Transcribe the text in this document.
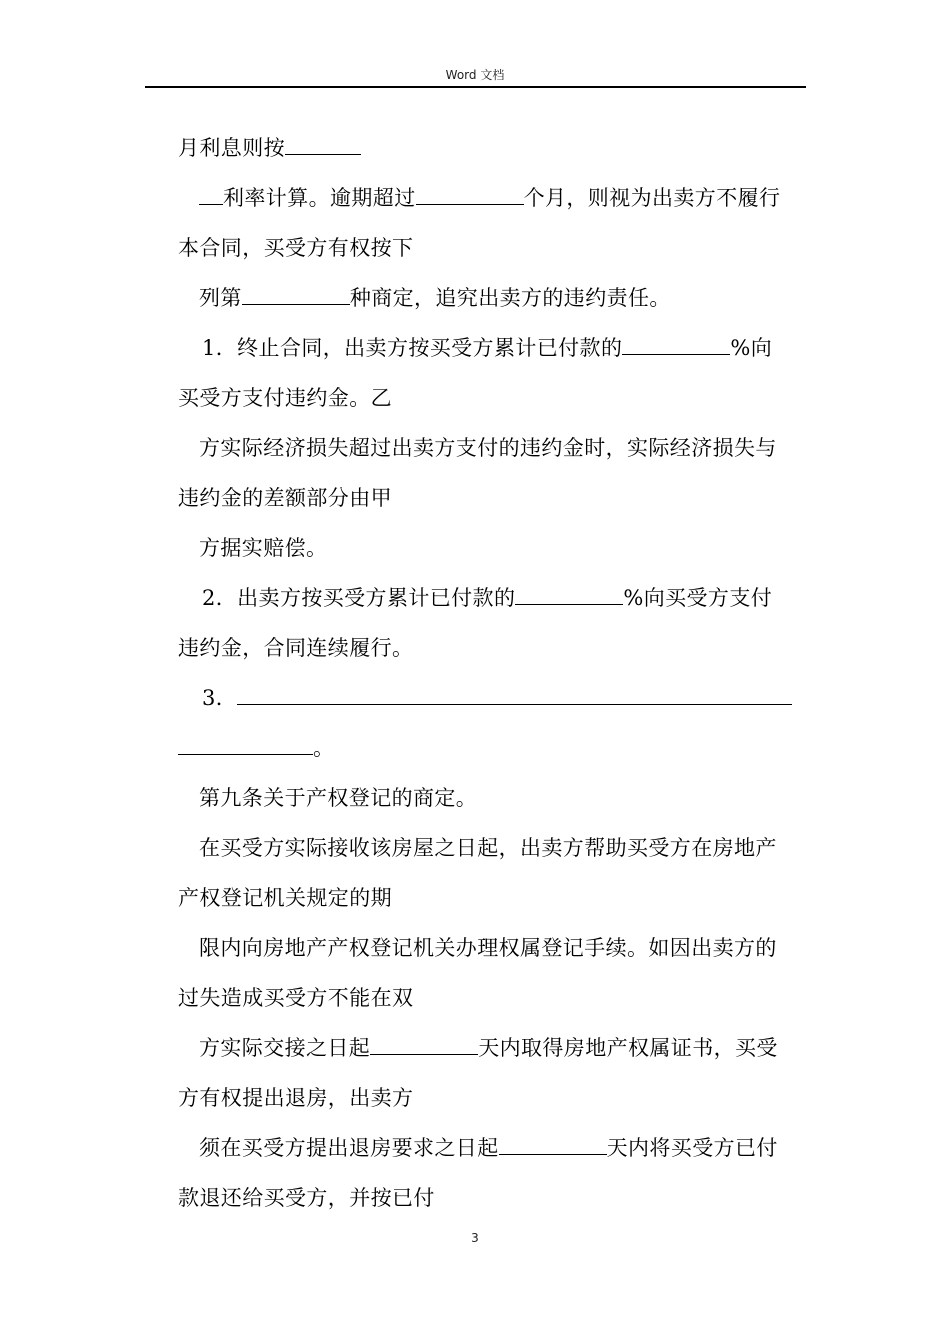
Word 文档
月利息则按
利率计算。逾期超过	个月，则视为出卖方不履行
本合同，买受方有权按下
列第	种商定，追究出卖方的违约责任。
1．终止合同，出卖方按买受方累计已付款的	%向
买受方支付违约金。乙
方实际经济损失超过出卖方支付的违约金时，实际经济损失与
违约金的差额部分由甲
方据实赔偿。
2．出卖方按买受方累计已付款的	%向买受方支付
违约金，合同连续履行。
3．
。
第九条关于产权登记的商定。
在买受方实际接收该房屋之日起，出卖方帮助买受方在房地产
产权登记机关规定的期
限内向房地产产权登记机关办理权属登记手续。如因出卖方的
过失造成买受方不能在双
方实际交接之日起	天内取得房地产权属证书，买受
方有权提出退房，出卖方
须在买受方提出退房要求之日起	天内将买受方已付
款退还给买受方，并按已付
3
